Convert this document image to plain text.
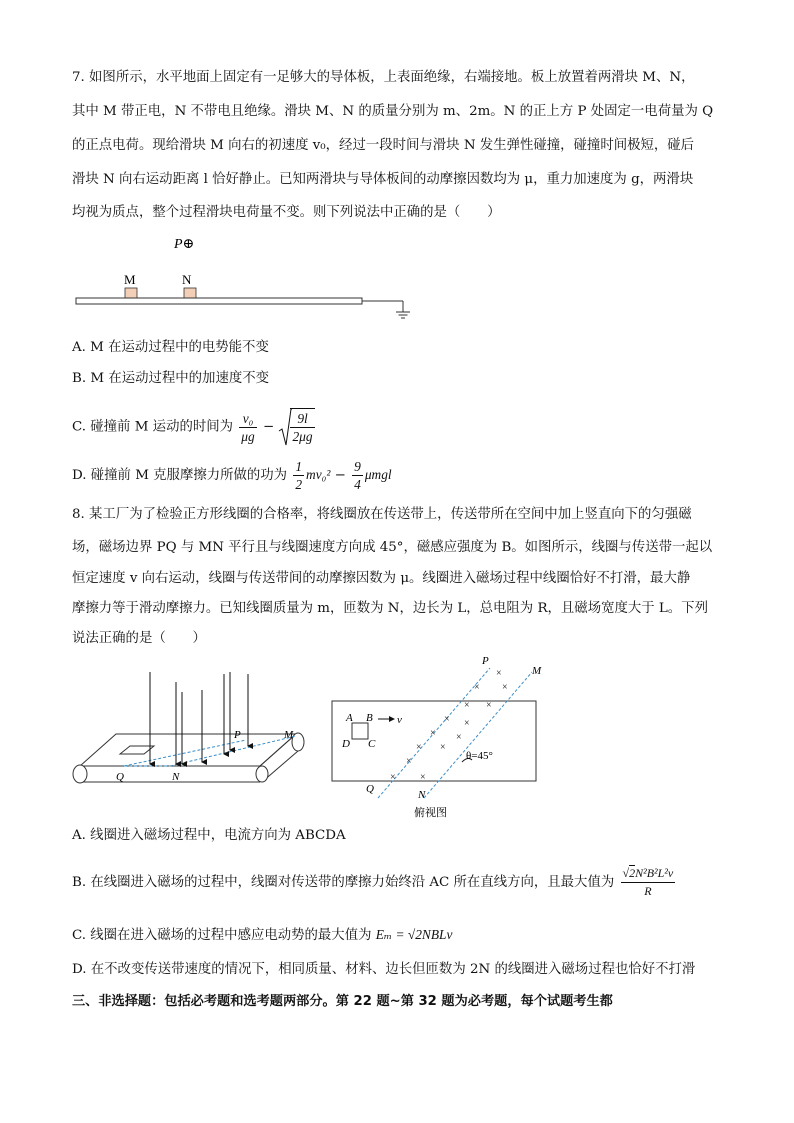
7. 如图所示，水平地面上固定有一足够大的导体板，上表面绝缘，右端接地。板上放置着两滑块 M、N，
其中 M 带正电，N 不带电且绝缘。滑块 M、N 的质量分别为 m、2m。N 的正上方 P 处固定一电荷量为 Q
的正点电荷。现给滑块 M 向右的初速度 v₀，经过一段时间与滑块 N 发生弹性碰撞，碰撞时间极短，碰后
滑块 N 向右运动距离 l 恰好静止。已知两滑块与导体板间的动摩擦因数均为 μ，重力加速度为 g，两滑块
均视为质点，整个过程滑块电荷量不变。则下列说法中正确的是（　　）
P⊕
M	N
A. M 在运动过程中的电势能不变
B. M 在运动过程中的加速度不变
C. 碰撞前 M 运动的时间为 $\frac{\text{v₀}}{\mu g} - \frac{9l}{2\mu g}$
D. 碰撞前 M 克服摩擦力所做的功为 $\frac{1}{2} mv_0^2 - \frac{9}{4}$ μmgl
8. 某工厂为了检验正方形线圈的合格率，将线圈放在传送带上，传送带所在空间中加上竖直向下的匀强磁
场，磁场边界 PQ 与 MN 平行且与线圈速度方向成 45°，磁感应强度为 B。如图所示，线圈与传送带一起以
恒定速度 v 向右运动，线圈与传送带间的动摩擦因数为 μ。线圈进入磁场过程中线圈恰好不打滑，最大静
摩擦力等于滑动摩擦力。已知线圈质量为 m，匝数为 N，边长为 L，总电阻为 R，且磁场宽度大于 L。下列
说法正确的是（　　）
P	M
Q	N
A B
C
D
v
×
× ×
× ×
× ×
× ×
× ×
×
× ×
θ=45°
P
M
Q	N
俯视图
A. 线圈进入磁场过程中，电流方向为 ABCDA
B. 在线圈进入磁场的过程中，线圈对传送带的摩擦力始终沿 AC 所在直线方向，且最大值为 $\frac{\text{√2N²B²L²v}}{R}$
C. 线圈在进入磁场的过程中感应电动势的最大值为 Eₘ = √2NBLv
D. 在不改变传送带速度的情况下，相同质量、材料、边长但匝数为 2N 的线圈进入磁场过程也恰好不打滑
三、非选择题：包括必考题和选考题两部分。第 22 题~第 32 题为必考题，每个试题考生都
